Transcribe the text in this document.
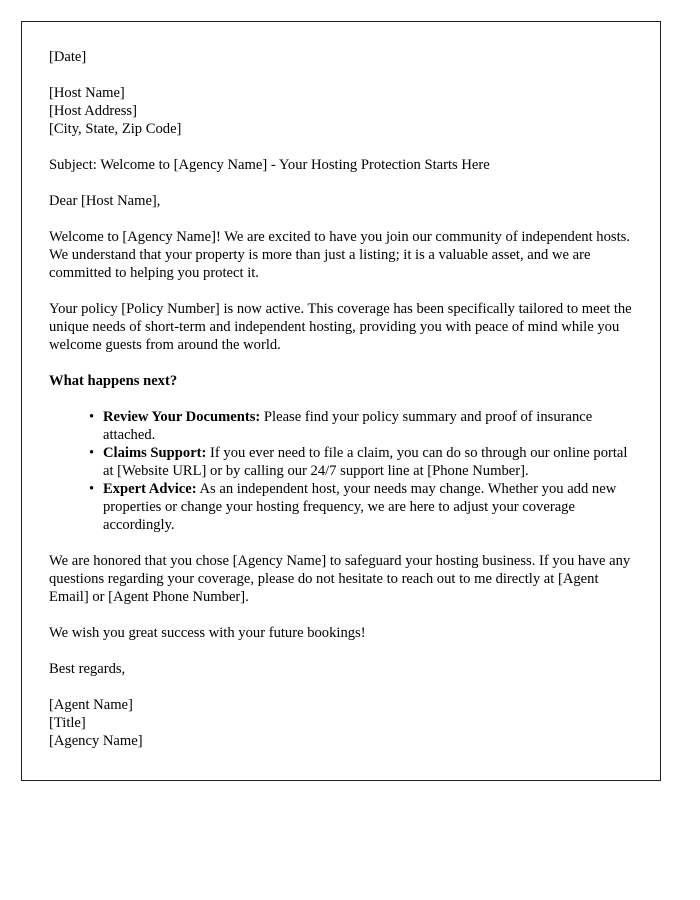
[Date]
[Host Name]
[Host Address]
[City, State, Zip Code]

Subject: Welcome to [Agency Name] - Your Hosting Protection Starts Here

Dear [Host Name],

Welcome to [Agency Name]! We are excited to have you join our community of independent hosts. We understand that your property is more than just a listing; it is a valuable asset, and we are committed to helping you protect it.

Your policy [Policy Number] is now active. This coverage has been specifically tailored to meet the unique needs of short-term and independent hosting, providing you with peace of mind while you welcome guests from around the world.

What happens next?

• Review Your Documents: Please find your policy summary and proof of insurance attached.
• Claims Support: If you ever need to file a claim, you can do so through our online portal at [Website URL] or by calling our 24/7 support line at [Phone Number].
• Expert Advice: As an independent host, your needs may change. Whether you add new properties or change your hosting frequency, we are here to adjust your coverage accordingly.

We are honored that you chose [Agency Name] to safeguard your hosting business. If you have any questions regarding your coverage, please do not hesitate to reach out to me directly at [Agent Email] or [Agent Phone Number].

We wish you great success with your future bookings!

Best regards,

[Agent Name]
[Title]
[Agency Name]
